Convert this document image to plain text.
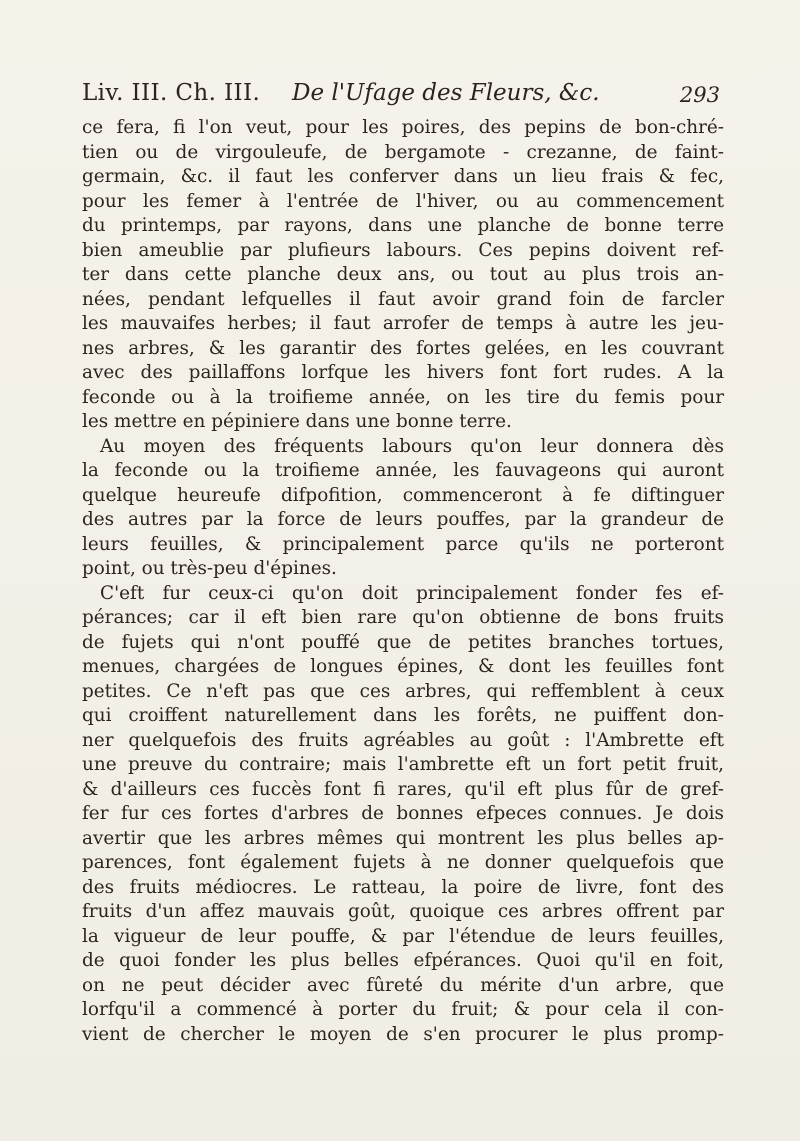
Liv. III. Ch. III. De l'Ufage des Fleurs, &c.	293
ce fera, fi l'on veut, pour les poires, des pepins de bon-chré-
tien ou de virgouleufe, de bergamote - crezanne, de faint-
germain, &c. il faut les conferver dans un lieu frais & fec,
pour les femer à l'entrée de l'hiver, ou au commencement
du printemps, par rayons, dans une planche de bonne terre
bien ameublie par plufieurs labours. Ces pepins doivent ref-
ter dans cette planche deux ans, ou tout au plus trois an-
nées, pendant lefquelles il faut avoir grand foin de farcler
les mauvaifes herbes; il faut arrofer de temps à autre les jeu-
nes arbres, & les garantir des fortes gelées, en les couvrant
avec des paillaffons lorfque les hivers font fort rudes. A la
feconde ou à la troifieme année, on les tire du femis pour
les mettre en pépiniere dans une bonne terre.
Au moyen des fréquents labours qu'on leur donnera dès
la feconde ou la troifieme année, les fauvageons qui auront
quelque heureufe difpofition, commenceront à fe diftinguer
des autres par la force de leurs pouffes, par la grandeur de
leurs feuilles, & principalement parce qu'ils ne porteront
point, ou très-peu d'épines.
C'eft fur ceux-ci qu'on doit principalement fonder fes ef-
pérances; car il eft bien rare qu'on obtienne de bons fruits
de fujets qui n'ont pouffé que de petites branches tortues,
menues, chargées de longues épines, & dont les feuilles font
petites. Ce n'eft pas que ces arbres, qui reffemblent à ceux
qui croiffent naturellement dans les forêts, ne puiffent don-
ner quelquefois des fruits agréables au goût : l'Ambrette eft
une preuve du contraire; mais l'ambrette eft un fort petit fruit,
& d'ailleurs ces fuccès font fi rares, qu'il eft plus fûr de gref-
fer fur ces fortes d'arbres de bonnes efpeces connues. Je dois
avertir que les arbres mêmes qui montrent les plus belles ap-
parences, font également fujets à ne donner quelquefois que
des fruits médiocres. Le ratteau, la poire de livre, font des
fruits d'un affez mauvais goût, quoique ces arbres offrent par
la vigueur de leur pouffe, & par l'étendue de leurs feuilles,
de quoi fonder les plus belles efpérances. Quoi qu'il en foit,
on ne peut décider avec fûreté du mérite d'un arbre, que
lorfqu'il a commencé à porter du fruit; & pour cela il con-
vient de chercher le moyen de s'en procurer le plus promp-
